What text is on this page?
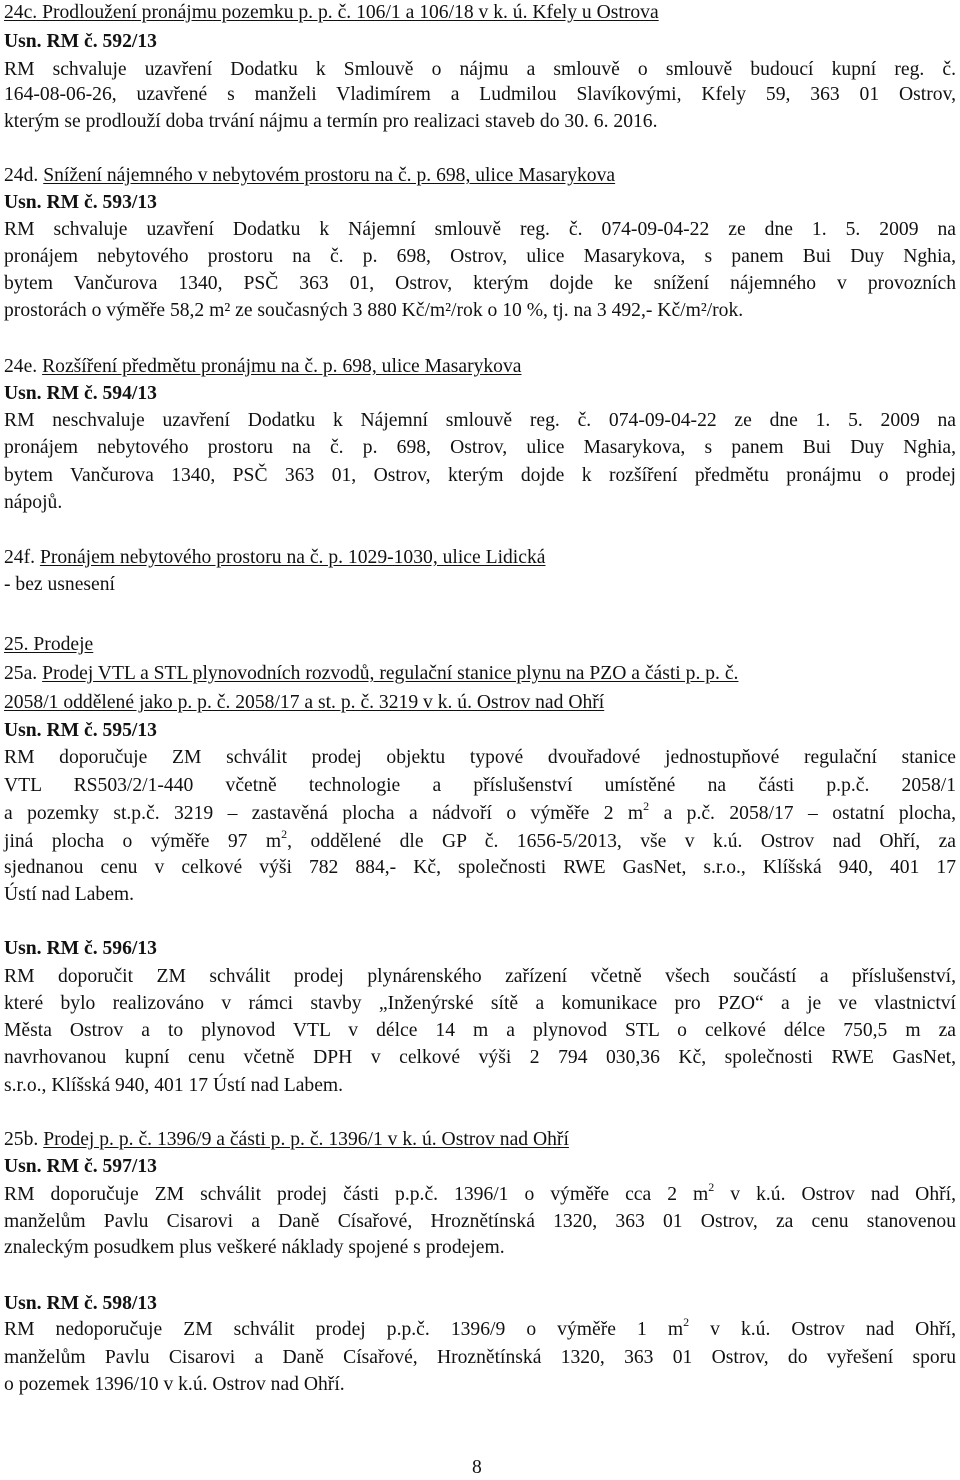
24c. Prodloužení pronájmu pozemku p. p. č. 106/1 a 106/18 v k. ú. Kfely u Ostrova
Usn. RM č. 592/13
RM schvaluje uzavření Dodatku k Smlouvě o nájmu a smlouvě o smlouvě budoucí kupní reg. č.
164-08-06-26, uzavřené s manželi Vladimírem a Ludmilou Slavíkovými, Kfely 59, 363 01 Ostrov,
kterým se prodlouží doba trvání nájmu a termín pro realizaci staveb do 30. 6. 2016.
24d. Snížení nájemného v nebytovém prostoru na č. p. 698, ulice Masarykova
Usn. RM č. 593/13
RM schvaluje uzavření Dodatku k Nájemní smlouvě reg. č. 074-09-04-22 ze dne 1. 5. 2009 na
pronájem nebytového prostoru na č. p. 698, Ostrov, ulice Masarykova, s panem Bui Duy Nghia,
bytem Vančurova 1340, PSČ 363 01, Ostrov, kterým dojde ke snížení nájemného v provozních
prostorách o výměře 58,2 m² ze současných 3 880 Kč/m²/rok o 10 %, tj. na 3 492,- Kč/m²/rok.
24e. Rozšíření předmětu pronájmu na č. p. 698, ulice Masarykova
Usn. RM č. 594/13
RM neschvaluje uzavření Dodatku k Nájemní smlouvě reg. č. 074-09-04-22 ze dne 1. 5. 2009 na
pronájem nebytového prostoru na č. p. 698, Ostrov, ulice Masarykova, s panem Bui Duy Nghia,
bytem Vančurova 1340, PSČ 363 01, Ostrov, kterým dojde k rozšíření předmětu pronájmu o prodej
nápojů.
24f. Pronájem nebytového prostoru na č. p. 1029-1030, ulice Lidická
- bez usnesení
25. Prodeje
25a. Prodej VTL a STL plynovodních rozvodů, regulační stanice plynu na PZO a části p. p. č.
2058/1 oddělené jako p. p. č. 2058/17 a st. p. č. 3219 v k. ú. Ostrov nad Ohří
Usn. RM č. 595/13
RM doporučuje ZM schválit prodej objektu typové dvouřadové jednostupňové regulační stanice
VTL RS503/2/1-440 včetně technologie a příslušenství umístěné na části p.p.č. 2058/1
a pozemky st.p.č. 3219 – zastavěná plocha a nádvoří o výměře 2 $m^2$ a p.č. 2058/17 – ostatní plocha,
jiná plocha o výměře 97 $m^2$, oddělené dle GP č. 1656-5/2013, vše v k.ú. Ostrov nad Ohří, za
sjednanou cenu v celkové výši 782 884,- Kč, společnosti RWE GasNet, s.r.o., Klíšská 940, 401 17
Ústí nad Labem.
Usn. RM č. 596/13
RM doporučit ZM schválit prodej plynárenského zařízení včetně všech součástí a příslušenství,
které bylo realizováno v rámci stavby „Inženýrské sítě a komunikace pro PZO“ a je ve vlastnictví
Města Ostrov a to plynovod VTL v délce 14 m a plynovod STL o celkové délce 750,5 m za
navrhovanou kupní cenu včetně DPH v celkové výši 2 794 030,36 Kč, společnosti RWE GasNet,
s.r.o., Klíšská 940, 401 17 Ústí nad Labem.
25b. Prodej p. p. č. 1396/9 a části p. p. č. 1396/1 v k. ú. Ostrov nad Ohří
Usn. RM č. 597/13
RM doporučuje ZM schválit prodej části p.p.č. 1396/1 o výměře cca 2 $m^2$ v k.ú. Ostrov nad Ohří,
manželům Pavlu Cisarovi a Daně Císařové, Hroznětínská 1320, 363 01 Ostrov, za cenu stanovenou
znaleckým posudkem plus veškeré náklady spojené s prodejem.
Usn. RM č. 598/13
RM nedoporučuje ZM schválit prodej p.p.č. 1396/9 o výměře 1 $m^2$ v k.ú. Ostrov nad Ohří,
manželům Pavlu Cisarovi a Daně Císařové, Hroznětínská 1320, 363 01 Ostrov, do vyřešení sporu
o pozemek 1396/10 v k.ú. Ostrov nad Ohří.
8
